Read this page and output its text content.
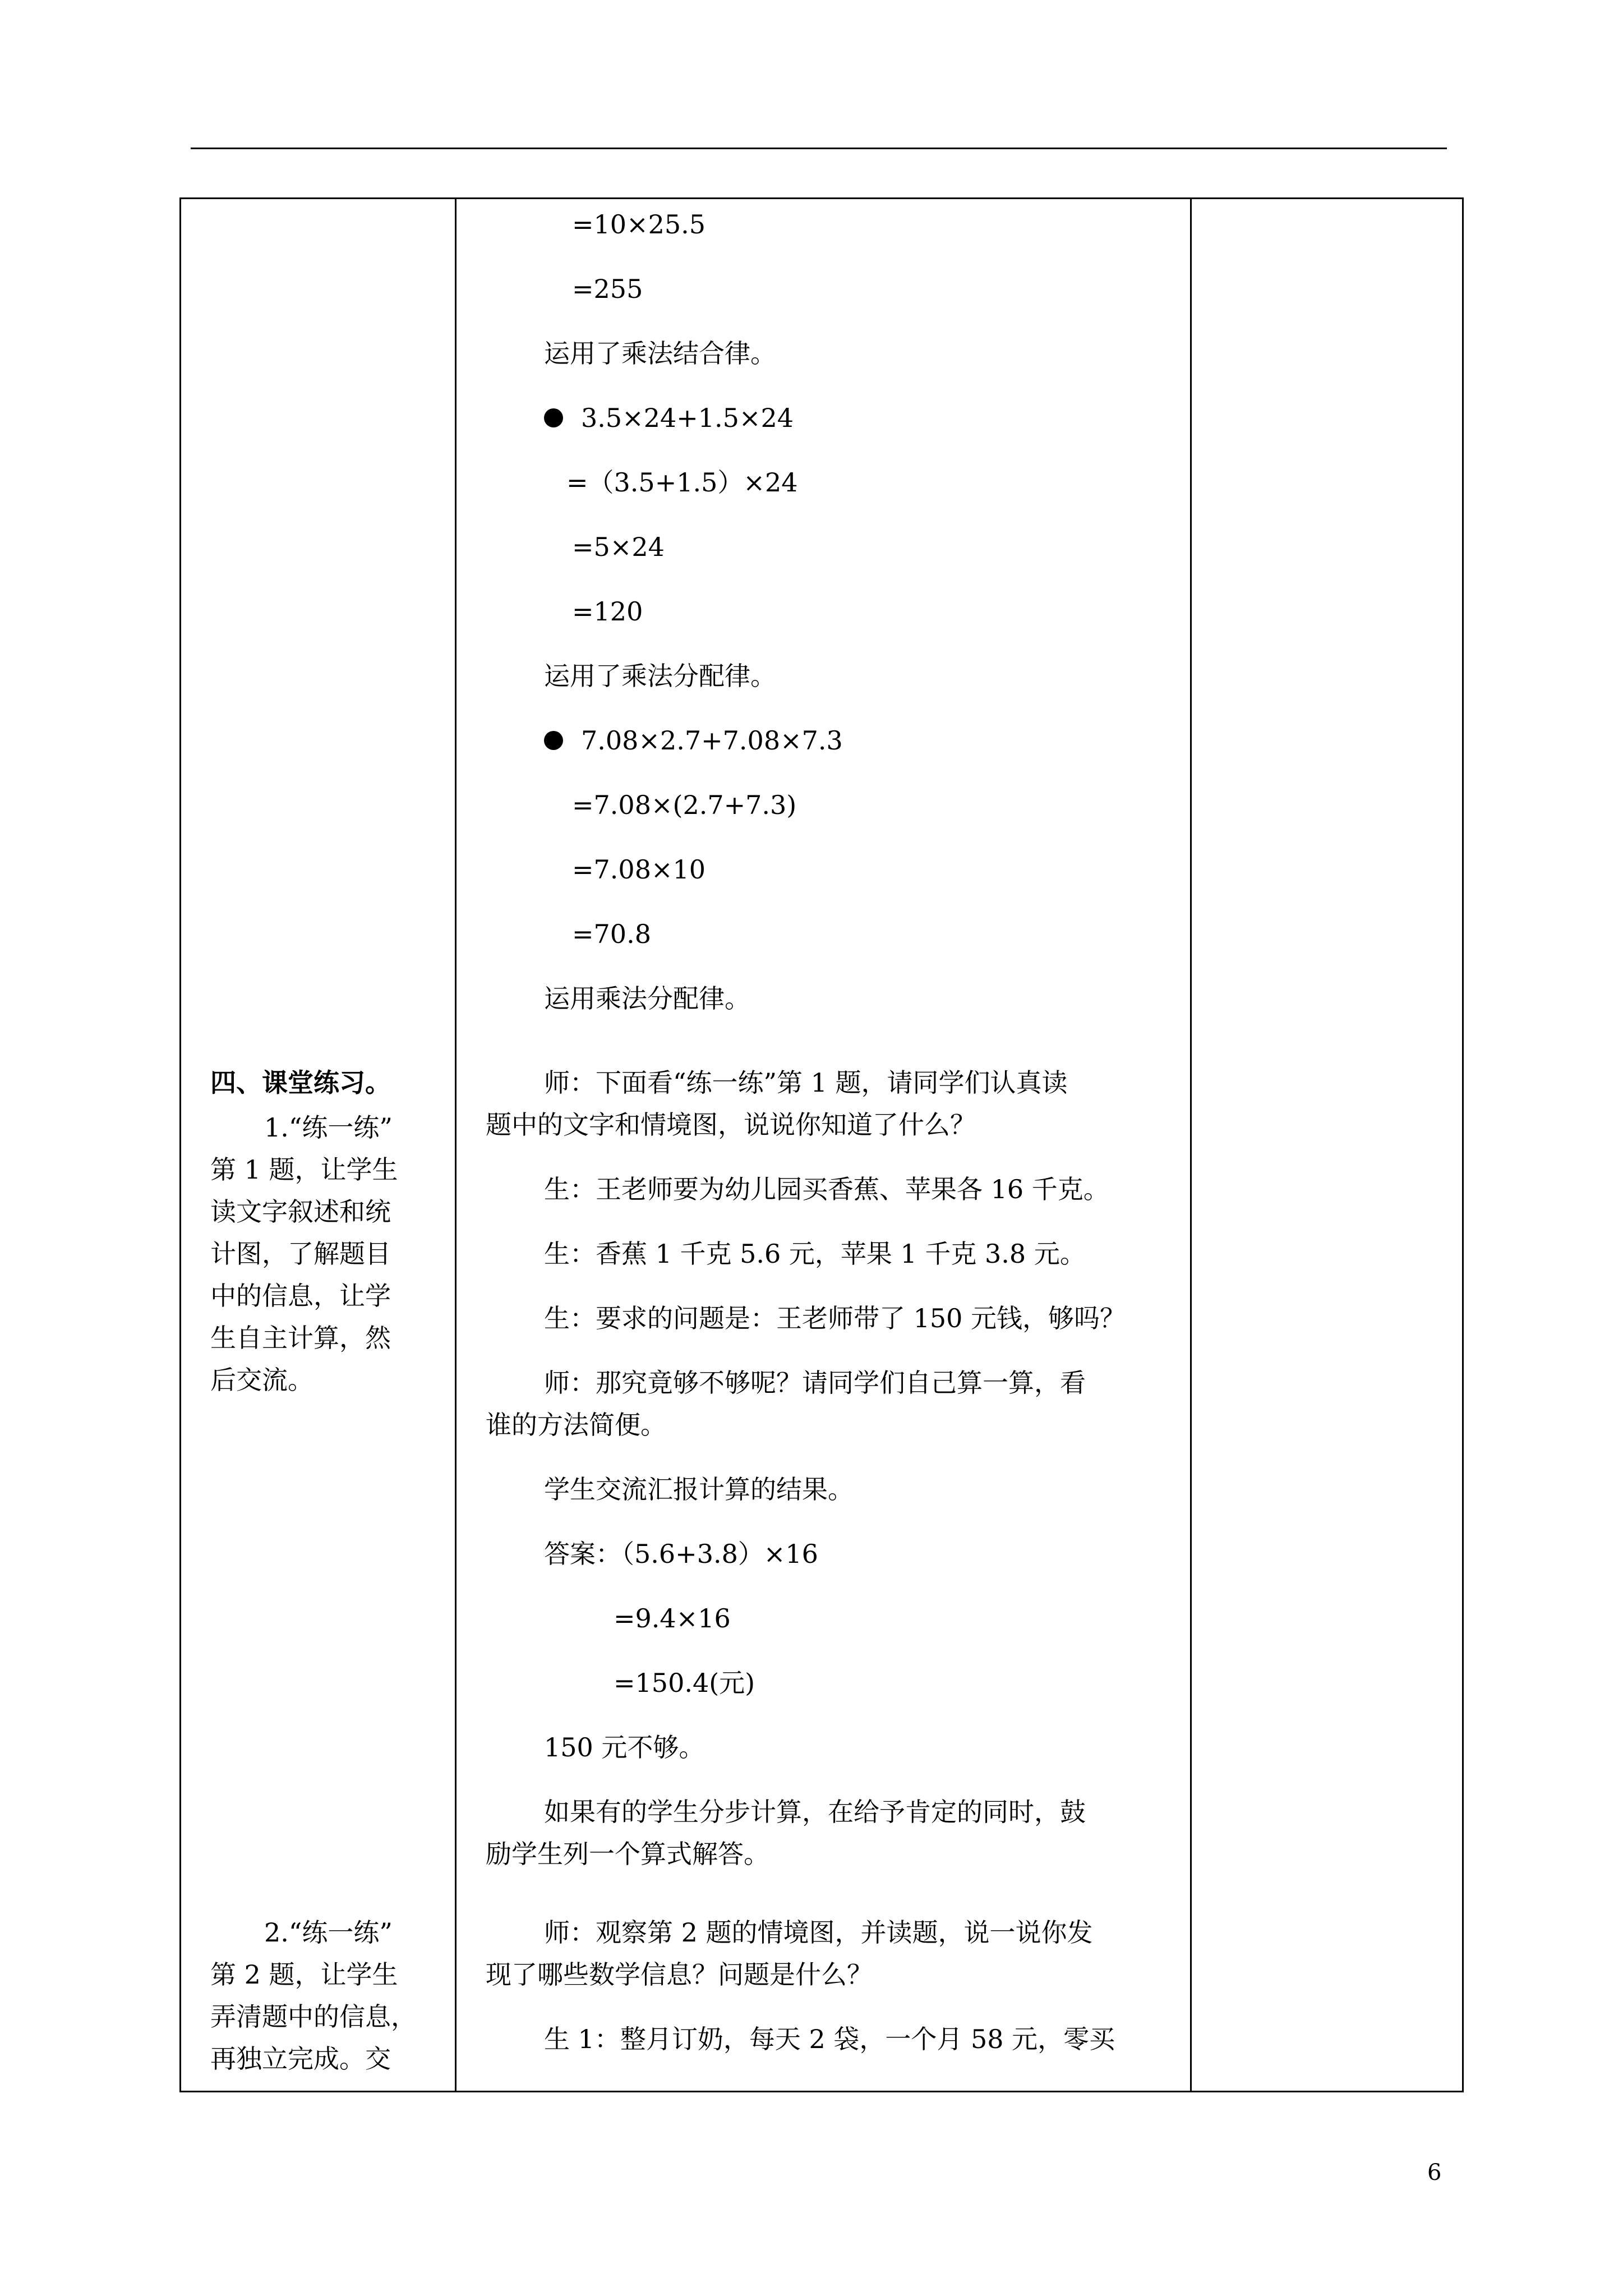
四、课堂练习。
1.“练一练”
第 1 题，让学生
读文字叙述和统
计图，了解题目
中的信息，让学
生自主计算，然
后交流。
2.“练一练”
第 2 题，让学生
弄清题中的信息，
再独立完成。交

=10×25.5
=255
运用了乘法结合律。
3.5×24+1.5×24
=（3.5+1.5）×24
=5×24
=120
运用了乘法分配律。
7.08×2.7+7.08×7.3
=7.08×(2.7+7.3)
=7.08×10
=70.8
运用乘法分配律。
师：下面看“练一练”第 1 题，请同学们认真读
题中的文字和情境图，说说你知道了什么？
生：王老师要为幼儿园买香蕉、苹果各 16 千克。
生：香蕉 1 千克 5.6 元，苹果 1 千克 3.8 元。
生：要求的问题是：王老师带了 150 元钱，够吗？
师：那究竟够不够呢？请同学们自己算一算，看
谁的方法简便。
学生交流汇报计算的结果。
答案：（5.6+3.8）×16
=9.4×16
=150.4(元)
150 元不够。
如果有的学生分步计算，在给予肯定的同时，鼓
励学生列一个算式解答。
师：观察第 2 题的情境图，并读题，说一说你发
现了哪些数学信息？问题是什么？
生 1：整月订奶，每天 2 袋，一个月 58 元，零买

6
